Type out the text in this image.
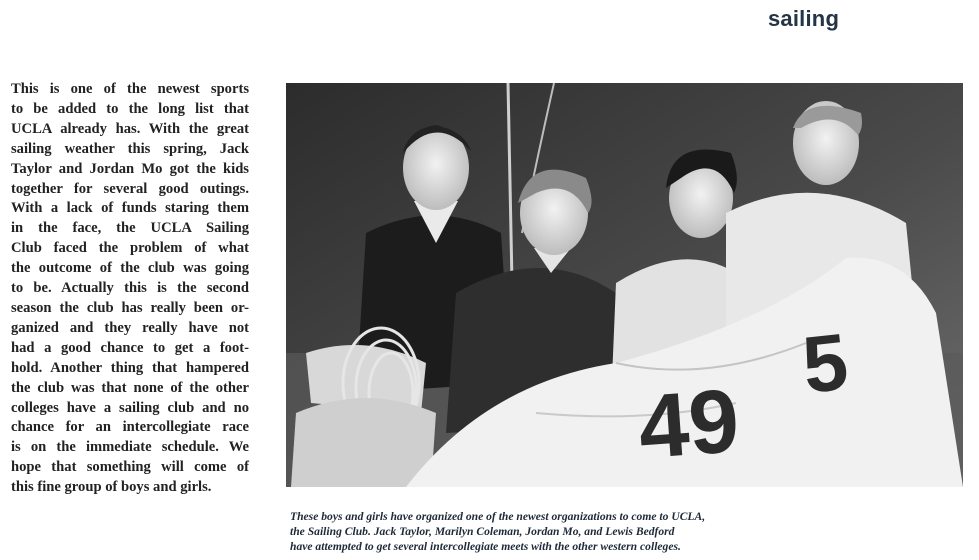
sailing
This is one of the newest sports
to be added to the long list that
UCLA already has. With the great
sailing weather this spring, Jack
Taylor and Jordan Mo got the kids
together for several good outings.
With a lack of funds staring them
in the face, the UCLA Sailing
Club faced the problem of what
the outcome of the club was going
to be. Actually this is the second
season the club has really been or-
ganized and they really have not
had a good chance to get a foot-
hold. Another thing that hampered
the club was that none of the other
colleges have a sailing club and no
chance for an intercollegiate race
is on the immediate schedule. We
hope that something will come of
this fine group of boys and girls.
5
49
These boys and girls have organized one of the newest organizations to come to UCLA,
the Sailing Club. Jack Taylor, Marilyn Coleman, Jordan Mo, and Lewis Bedford
have attempted to get several intercollegiate meets with the other western colleges.
